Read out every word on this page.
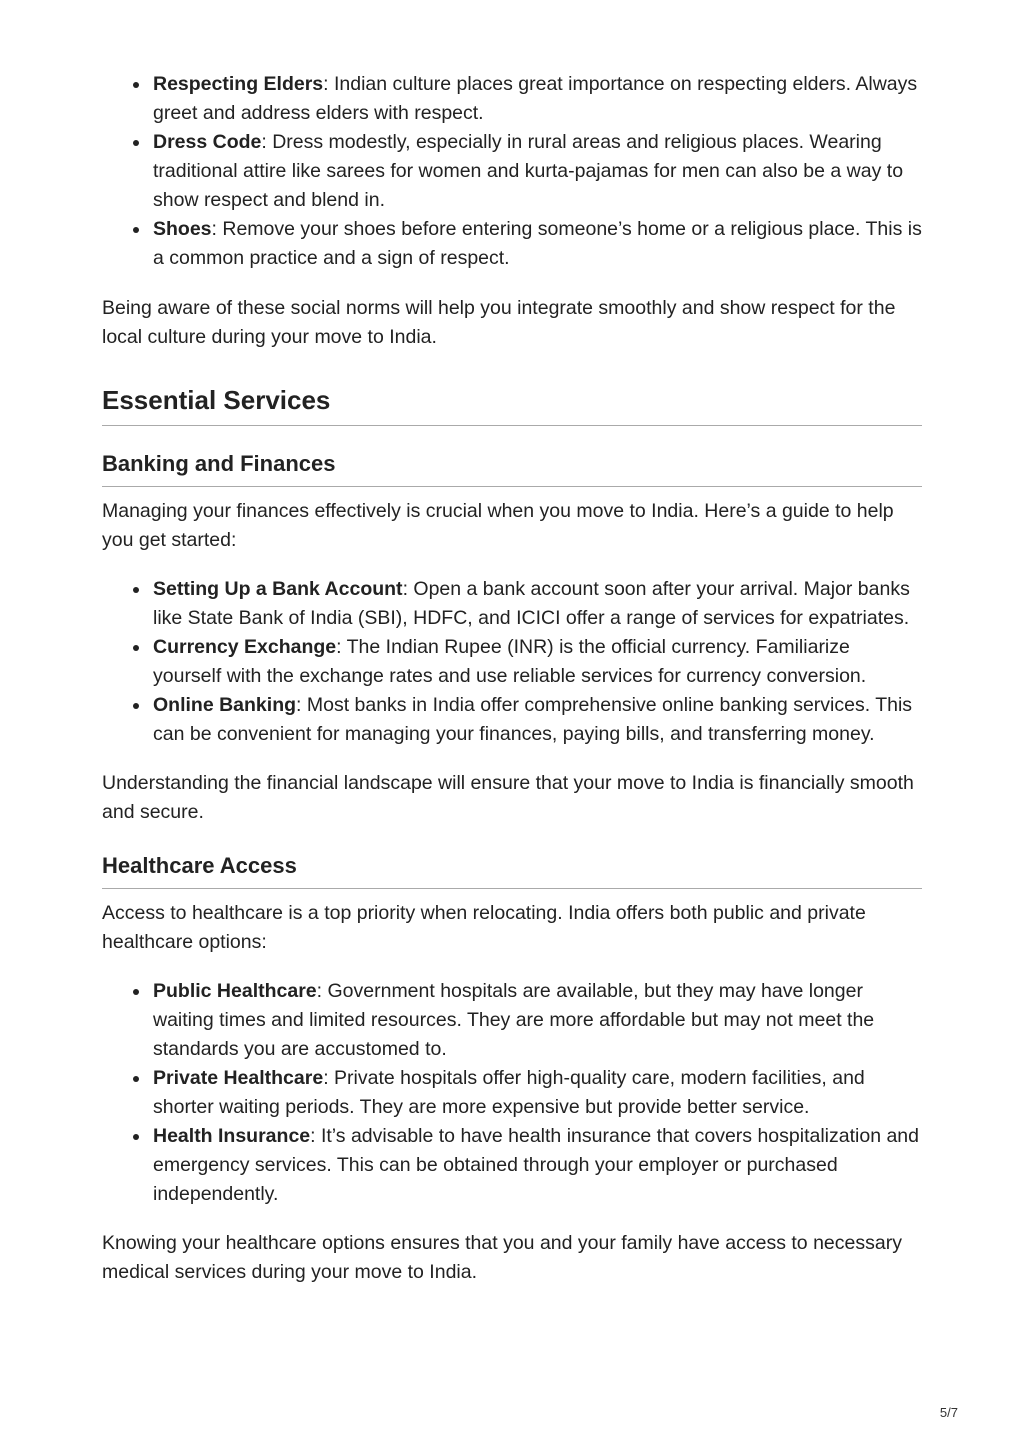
Respecting Elders: Indian culture places great importance on respecting elders. Always greet and address elders with respect.
Dress Code: Dress modestly, especially in rural areas and religious places. Wearing traditional attire like sarees for women and kurta-pajamas for men can also be a way to show respect and blend in.
Shoes: Remove your shoes before entering someone’s home or a religious place. This is a common practice and a sign of respect.

Being aware of these social norms will help you integrate smoothly and show respect for the local culture during your move to India.

Essential Services
Banking and Finances

Managing your finances effectively is crucial when you move to India. Here’s a guide to help you get started:

Setting Up a Bank Account: Open a bank account soon after your arrival. Major banks like State Bank of India (SBI), HDFC, and ICICI offer a range of services for expatriates.
Currency Exchange: The Indian Rupee (INR) is the official currency. Familiarize yourself with the exchange rates and use reliable services for currency conversion.
Online Banking: Most banks in India offer comprehensive online banking services. This can be convenient for managing your finances, paying bills, and transferring money.

Understanding the financial landscape will ensure that your move to India is financially smooth and secure.

Healthcare Access

Access to healthcare is a top priority when relocating. India offers both public and private healthcare options:

Public Healthcare: Government hospitals are available, but they may have longer waiting times and limited resources. They are more affordable but may not meet the standards you are accustomed to.
Private Healthcare: Private hospitals offer high-quality care, modern facilities, and shorter waiting periods. They are more expensive but provide better service.
Health Insurance: It’s advisable to have health insurance that covers hospitalization and emergency services. This can be obtained through your employer or purchased independently.

Knowing your healthcare options ensures that you and your family have access to necessary medical services during your move to India.

5/7
